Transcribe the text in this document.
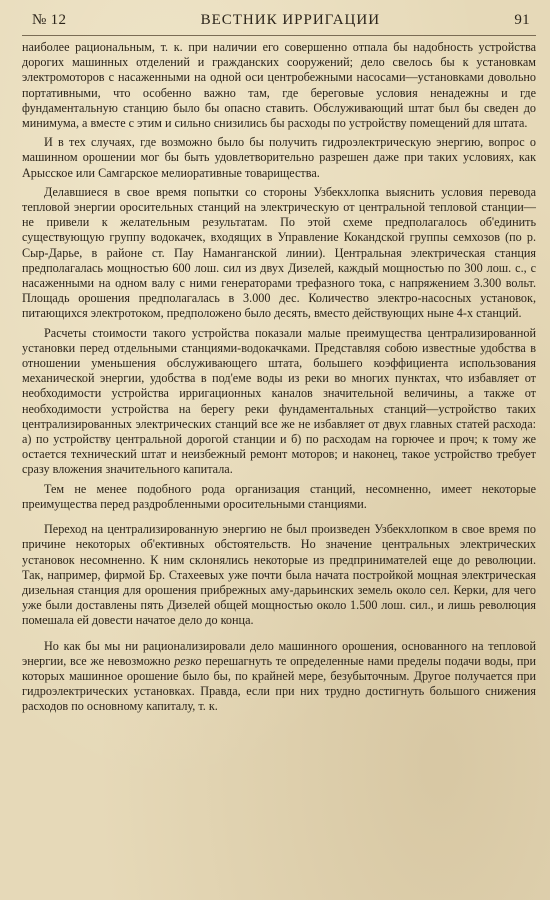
№ 12	ВЕСТНИК ИРРИГАЦИИ	91

наиболее рациональным, т. к. при наличии его совершенно отпала бы надобность устройства дорогих машинных отделений и гражданских сооружений; дело свелось бы к установкам электромоторов с насаженными на одной оси центробежными насосами—установками довольно портативными, что особенно важно там, где береговые условия ненадежны и где фундаментальную станцию было бы опасно ставить. Обслуживающий штат был бы сведен до минимума, а вместе с этим и сильно снизились бы расходы по устройству помещений для штата.

И в тех случаях, где возможно было бы получить гидроэлектрическую энергию, вопрос о машинном орошении мог бы быть удовлетворительно разрешен даже при таких условиях, как Арысское или Самгарское мелиоративные товарищества.

Делавшиеся в свое время попытки со стороны Узбекхлопка выяснить условия перевода тепловой энергии оросительных станций на электрическую от центральной тепловой станции—не привели к желательным результатам. По этой схеме предполагалось об'единить существующую группу водокачек, входящих в Управление Кокандской группы семхозов (по р. Сыр-Дарье, в районе ст. Пау Наманганской линии). Центральная электрическая станция предполагалась мощностью 600 лош. сил из двух Дизелей, каждый мощностью по 300 лош. с., с насаженными на одном валу с ними генераторами трефазного тока, с напряжением 3.300 вольт. Площадь орошения предполагалась в 3.000 дес. Количество электро-насосных установок, питающихся электротоком, предположено было десять, вместо действующих ныне 4-х станций.

Расчеты стоимости такого устройства показали малые преимущества централизированной установки перед отдельными станциями-водокачками. Представляя собою известные удобства в отношении уменьшения обслуживающего штата, большего коэффициента использования механической энергии, удобства в под'еме воды из реки во многих пунктах, что избавляет от необходимости устройства ирригационных каналов значительной величины, а также от необходимости устройства на берегу реки фундаментальных станций—устройство таких централизированных электрических станций все же не избавляет от двух главных статей расхода: а) по устройству центральной дорогой станции и б) по расходам на горючее и проч; к тому же остается технический штат и неизбежный ремонт моторов; и наконец, такое устройство требует сразу вложения значительного капитала.

Тем не менее подобного рода организация станций, несомненно, имеет некоторые преимущества перед раздробленными оросительными станциями.

Переход на централизированную энергию не был произведен Узбекхлопком в свое время по причине некоторых об'ективных обстоятельств. Но значение центральных электрических установок несомненно. К ним склонялись некоторые из предпринимателей еще до революции. Так, например, фирмой Бр. Стахеевых уже почти была начата постройкой мощная электрическая дизельная станция для орошения прибрежных аму-дарьинских земель около сел. Керки, для чего уже были доставлены пять Дизелей общей мощностью около 1.500 лош. сил., и лишь революция помешала ей довести начатое дело до конца.

Но как бы мы ни рационализировали дело машинного орошения, основанного на тепловой энергии, все же невозможно резко перешагнуть те определенные нами пределы подачи воды, при которых машинное орошение было бы, по крайней мере, безубыточным. Другое получается при гидроэлектрических установках. Правда, если при них трудно достигнуть большого снижения расходов по основному капиталу, т. к.
